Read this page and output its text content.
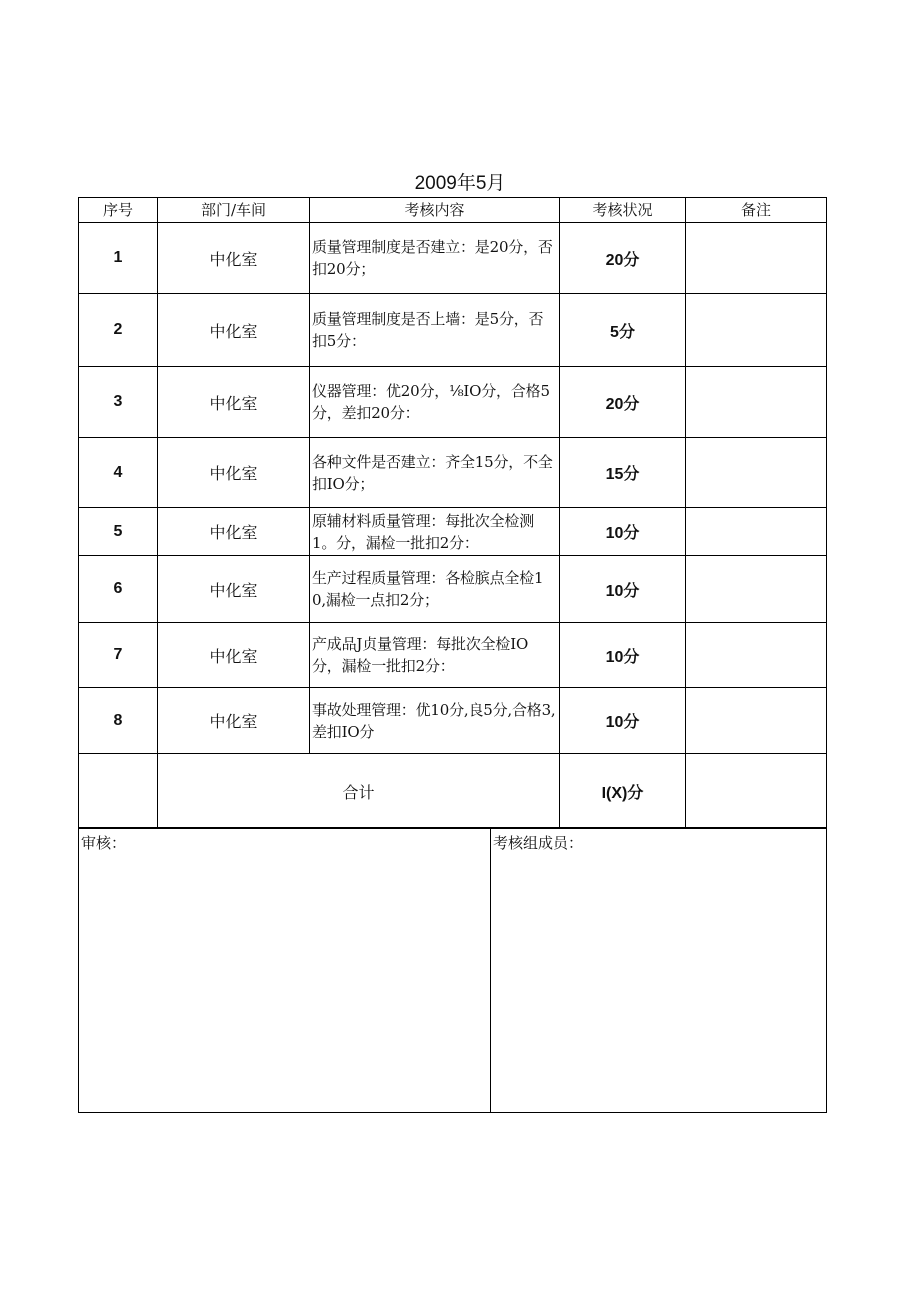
2009年5月
序号	部门/车间	考核内容	考核状况	备注
1	中化室	质量管理制度是否建立：是20分，否扣20分；	20分	
2	中化室	质量管理制度是否上墙：是5分，否扣5分：	5分	
3	中化室	仪器管理：优20分，⅛IO分，合格5分，差扣20分：	20分	
4	中化室	各种文件是否建立：齐全15分，不全扣IO分；	15分	
5	中化室	原辅材料质量管理：每批次全检测1。分，漏检一批扣2分：	10分	
6	中化室	生产过程质量管理：各检膑点全检10,漏检一点扣2分；	10分	
7	中化室	产成品J贞量管理：每批次全检IO分，漏检一批扣2分：	10分	
8	中化室	事故处理管理：优10分,良5分,合格3,差扣IO分	10分	
	合计		I(X)分	
审核：	考核组成员：
